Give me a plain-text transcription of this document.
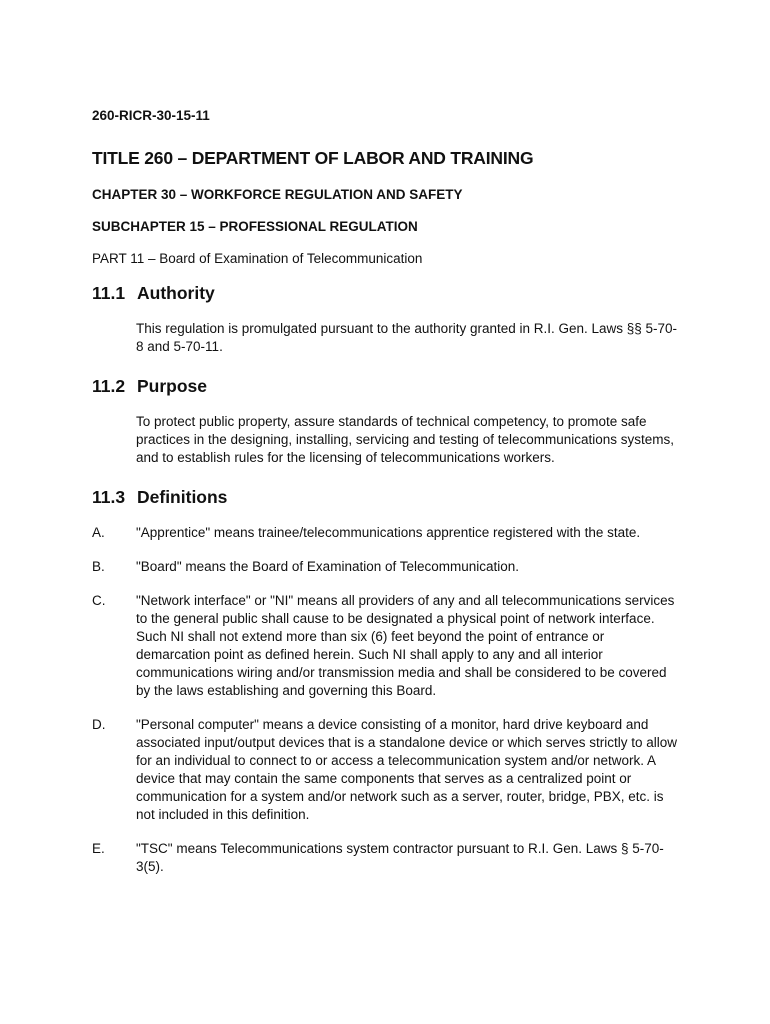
260-RICR-30-15-11
TITLE 260 – DEPARTMENT OF LABOR AND TRAINING
CHAPTER 30 – WORKFORCE REGULATION AND SAFETY
SUBCHAPTER 15 – PROFESSIONAL REGULATION
PART 11 – Board of Examination of Telecommunication
11.1 Authority
This regulation is promulgated pursuant to the authority granted in R.I. Gen. Laws §§ 5-70-8 and 5-70-11.
11.2 Purpose
To protect public property, assure standards of technical competency, to promote safe practices in the designing, installing, servicing and testing of telecommunications systems, and to establish rules for the licensing of telecommunications workers.
11.3 Definitions
A.	"Apprentice" means trainee/telecommunications apprentice registered with the state.
B.	"Board" means the Board of Examination of Telecommunication.
C.	"Network interface" or "NI" means all providers of any and all telecommunications services to the general public shall cause to be designated a physical point of network interface. Such NI shall not extend more than six (6) feet beyond the point of entrance or demarcation point as defined herein. Such NI shall apply to any and all interior communications wiring and/or transmission media and shall be considered to be covered by the laws establishing and governing this Board.
D.	"Personal computer" means a device consisting of a monitor, hard drive keyboard and associated input/output devices that is a standalone device or which serves strictly to allow for an individual to connect to or access a telecommunication system and/or network. A device that may contain the same components that serves as a centralized point or communication for a system and/or network such as a server, router, bridge, PBX, etc. is not included in this definition.
E.	"TSC" means Telecommunications system contractor pursuant to R.I. Gen. Laws § 5-70-3(5).
